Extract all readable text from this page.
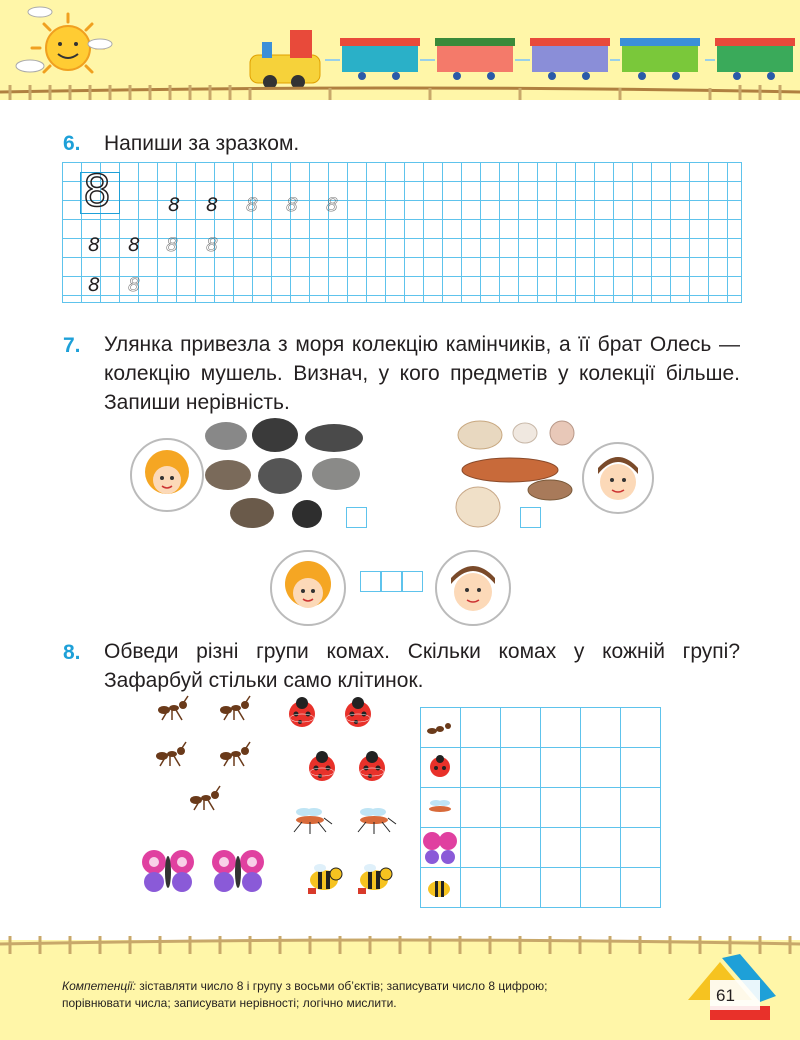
6. Напиши за зразком.
8	8 8 8 8 8
8 8 8 8
8 8
7. Улянка привезла з моря колекцію камінчиків, а її брат Олесь — колекцію мушель. Визнач, у кого предметів у колекції більше. Запиши нерівність.
8. Обведи різні групи комах. Скільки комах у кожній групі? Зафарбуй стільки само клітинок.
Компетенції: зіставляти число 8 і групу з восьми об’єктів; записувати число 8 цифрою; порівнювати числа; записувати нерівності; логічно мислити.	61
